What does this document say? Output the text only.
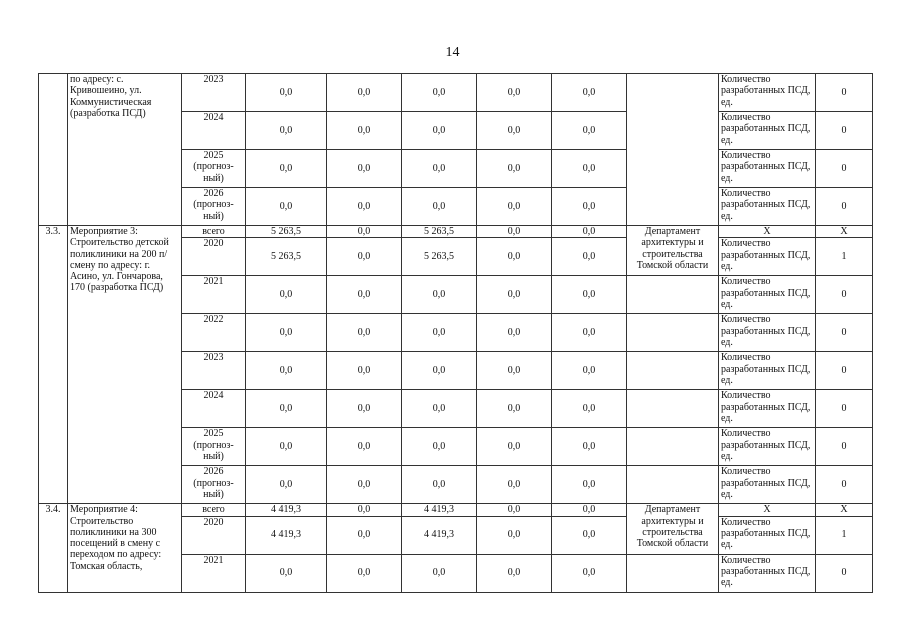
14
	по адресу: с. Кривошеино, ул. Коммунистическая (разработка ПСД)	2023	0,0	0,0	0,0	0,0	0,0		Количество разработанных ПСД, ед.	0
		2024	0,0	0,0	0,0	0,0	0,0		Количество разработанных ПСД, ед.	0
		2025 (прогноз-ный)	0,0	0,0	0,0	0,0	0,0		Количество разработанных ПСД, ед.	0
		2026 (прогноз-ный)	0,0	0,0	0,0	0,0	0,0		Количество разработанных ПСД, ед.	0
3.3.	Мероприятие 3: Строительство детской поликлиники на 200 п/смену по адресу: г. Асино, ул. Гончарова, 170 (разработка ПСД)	всего	5 263,5	0,0	5 263,5	0,0	0,0	Департамент архитектуры и строительства Томской области	X	X
		2020	5 263,5	0,0	5 263,5	0,0	0,0		Количество разработанных ПСД, ед.	1
		2021	0,0	0,0	0,0	0,0	0,0		Количество разработанных ПСД, ед.	0
		2022	0,0	0,0	0,0	0,0	0,0		Количество разработанных ПСД, ед.	0
		2023	0,0	0,0	0,0	0,0	0,0		Количество разработанных ПСД, ед.	0
		2024	0,0	0,0	0,0	0,0	0,0		Количество разработанных ПСД, ед.	0
		2025 (прогноз-ный)	0,0	0,0	0,0	0,0	0,0		Количество разработанных ПСД, ед.	0
		2026 (прогноз-ный)	0,0	0,0	0,0	0,0	0,0		Количество разработанных ПСД, ед.	0
3.4.	Мероприятие 4: Строительство поликлиники на 300 посещений в смену с переходом по адресу: Томская область,	всего	4 419,3	0,0	4 419,3	0,0	0,0	Департамент архитектуры и строительства Томской области	X	X
		2020	4 419,3	0,0	4 419,3	0,0	0,0		Количество разработанных ПСД, ед.	1
		2021	0,0	0,0	0,0	0,0	0,0		Количество разработанных ПСД, ед.	0
